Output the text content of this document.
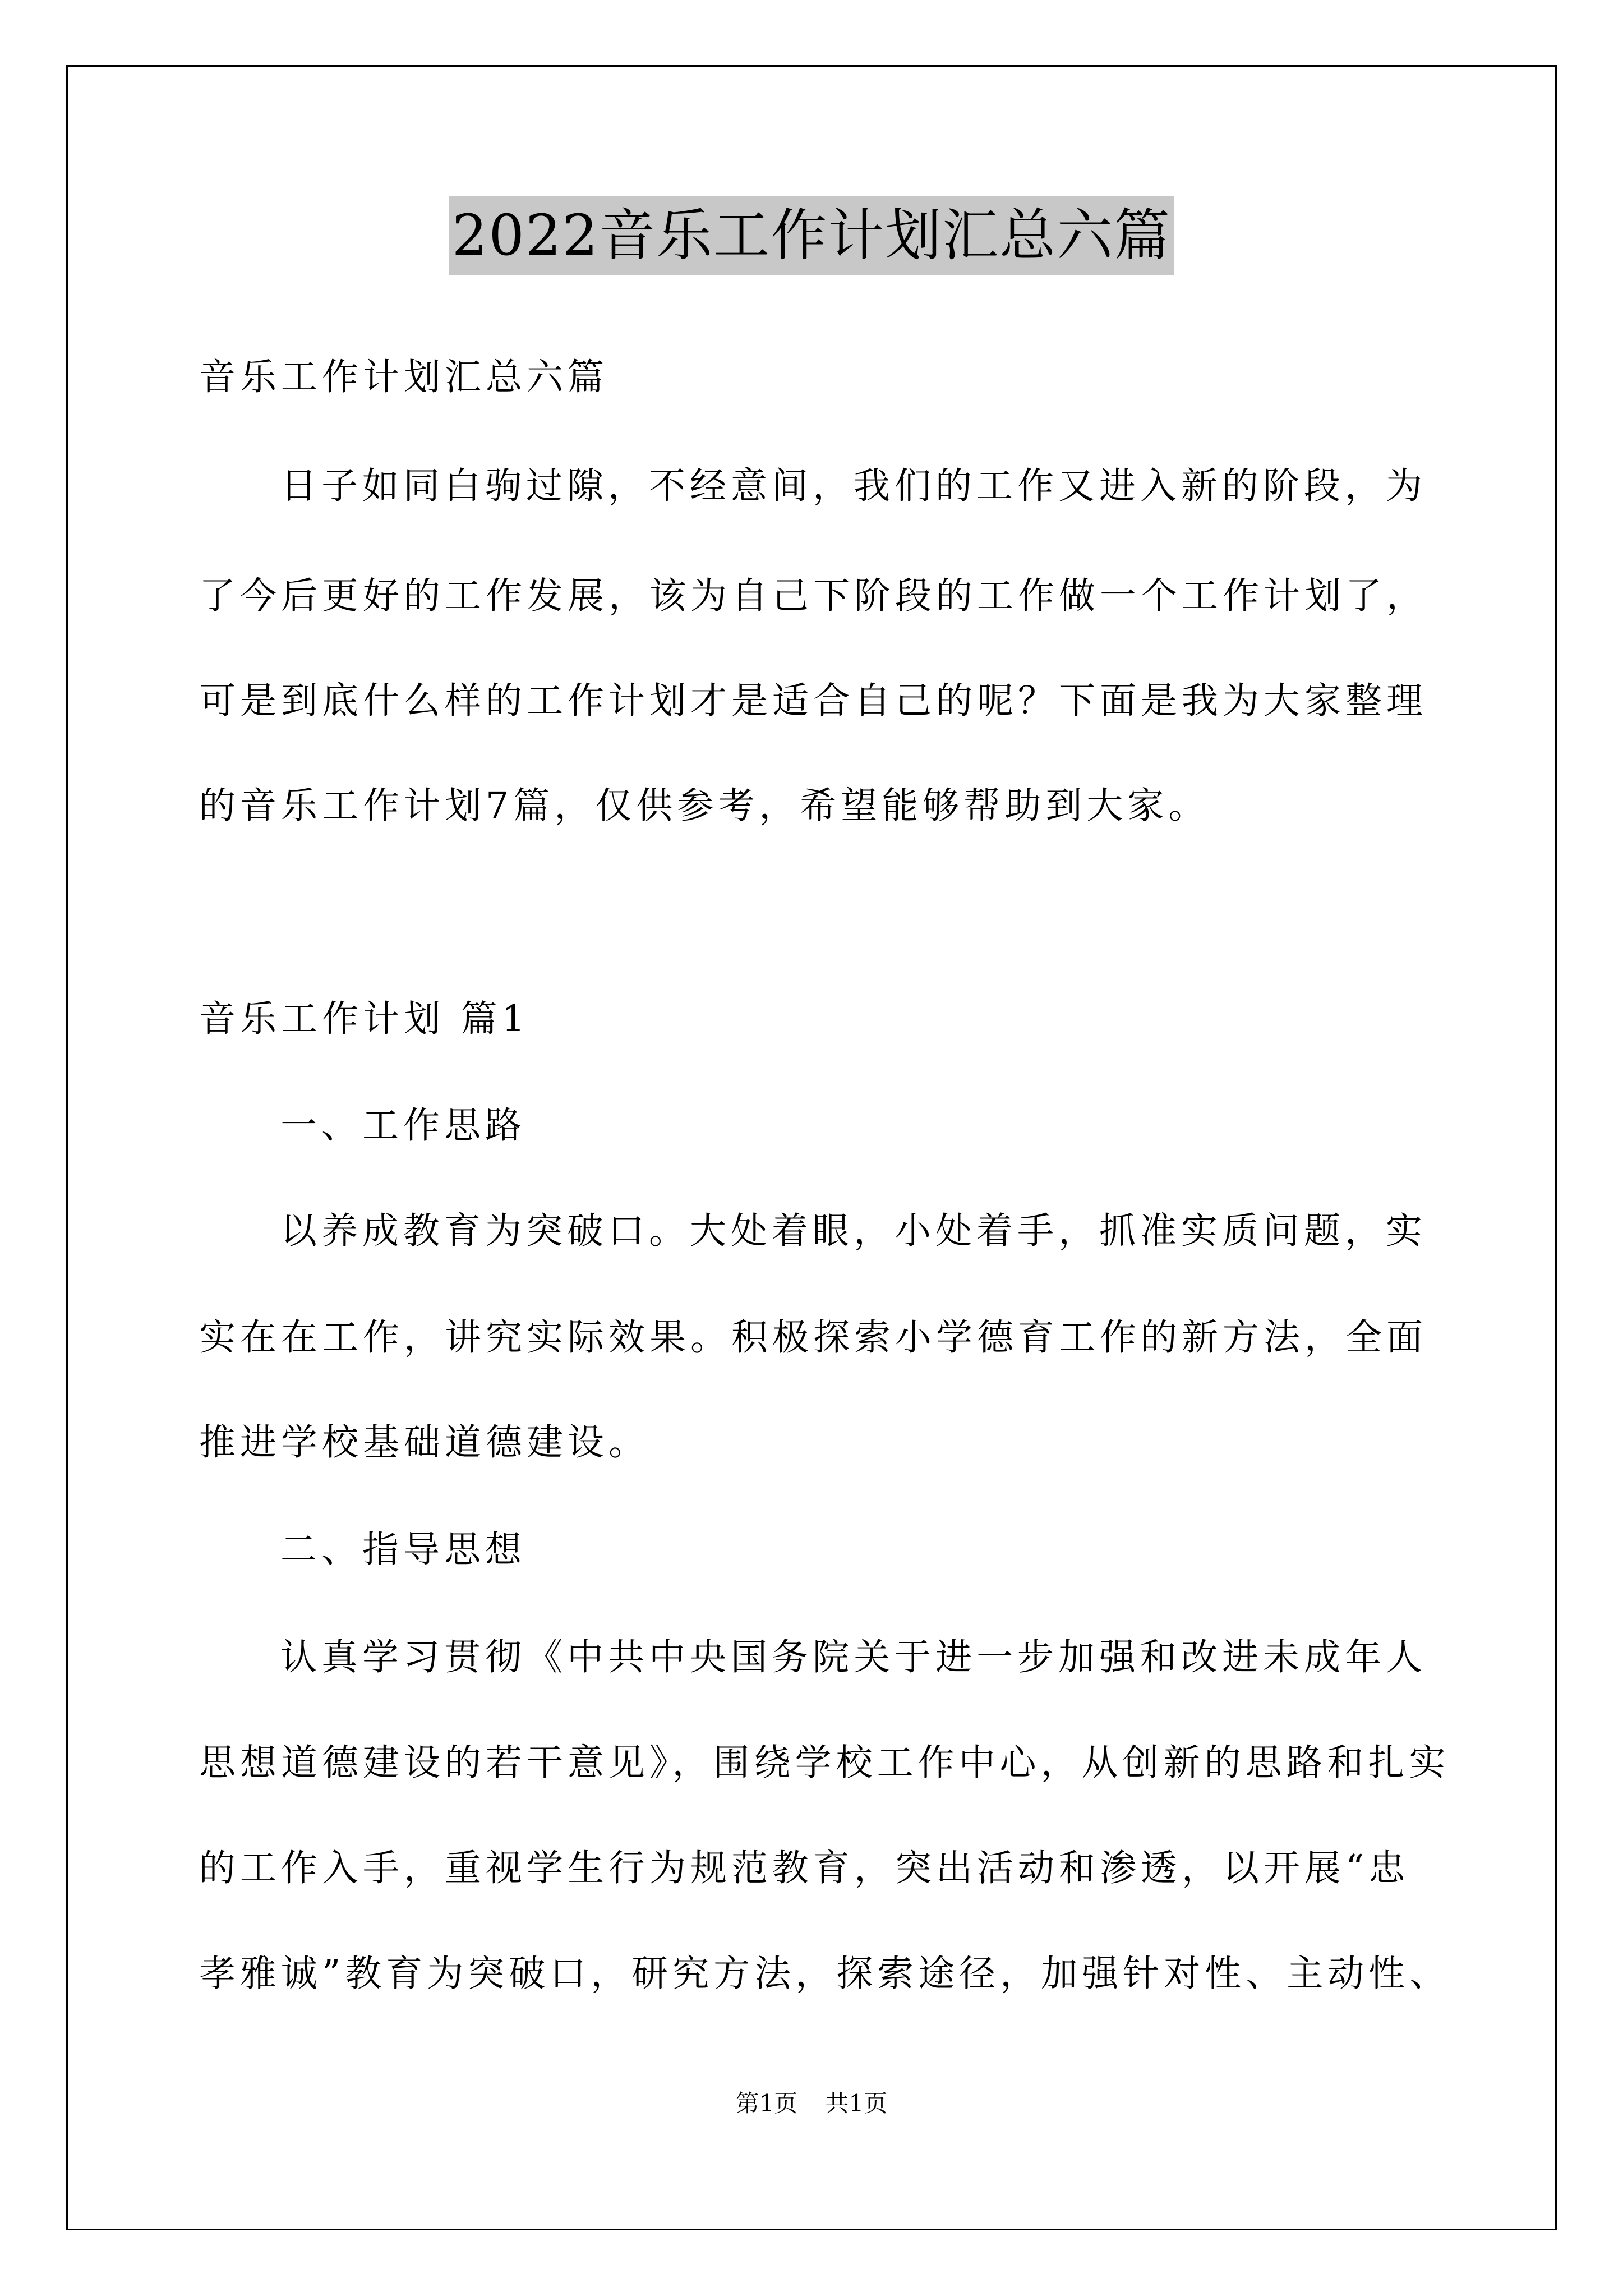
2022音乐工作计划汇总六篇
音乐工作计划汇总六篇
日子如同白驹过隙，不经意间，我们的工作又进入新的阶段，为
了今后更好的工作发展，该为自己下阶段的工作做一个工作计划了，
可是到底什么样的工作计划才是适合自己的呢？下面是我为大家整理
的音乐工作计划7篇，仅供参考，希望能够帮助到大家。
音乐工作计划 篇1
一、工作思路
以养成教育为突破口。大处着眼，小处着手，抓准实质问题，实
实在在工作，讲究实际效果。积极探索小学德育工作的新方法，全面
推进学校基础道德建设。
二、指导思想
认真学习贯彻《中共中央国务院关于进一步加强和改进未成年人
思想道德建设的若干意见》，围绕学校工作中心，从创新的思路和扎实
的工作入手，重视学生行为规范教育，突出活动和渗透，以开展“忠
孝雅诚”教育为突破口，研究方法，探索途径，加强针对性、主动性、
第1页 共1页
